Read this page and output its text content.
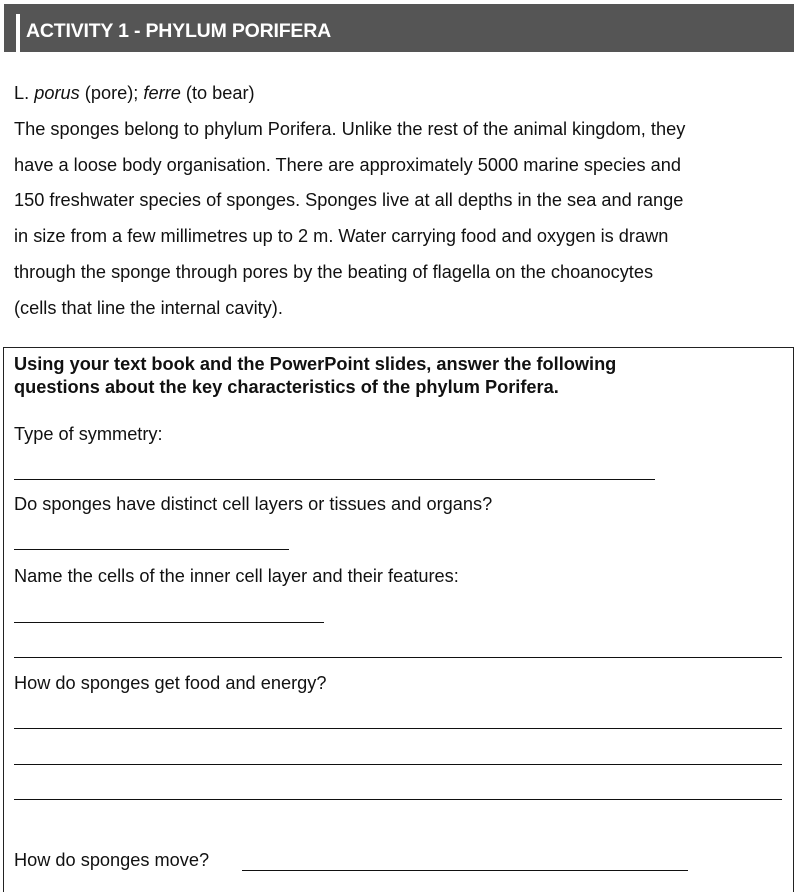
ACTIVITY 1 - PHYLUM PORIFERA

L. porus (pore); ferre (to bear)

The sponges belong to phylum Porifera. Unlike the rest of the animal kingdom, they

have a loose body organisation. There are approximately 5000 marine species and

150 freshwater species of sponges. Sponges live at all depths in the sea and range

in size from a few millimetres up to 2 m. Water carrying food and oxygen is drawn

through the sponge through pores by the beating of flagella on the choanocytes

(cells that line the internal cavity).

Using your text book and the PowerPoint slides, answer the following
questions about the key characteristics of the phylum Porifera.
Type of symmetry:
Do sponges have distinct cell layers or tissues and organs?
Name the cells of the inner cell layer and their features:
How do sponges get food and energy?
How do sponges move?
